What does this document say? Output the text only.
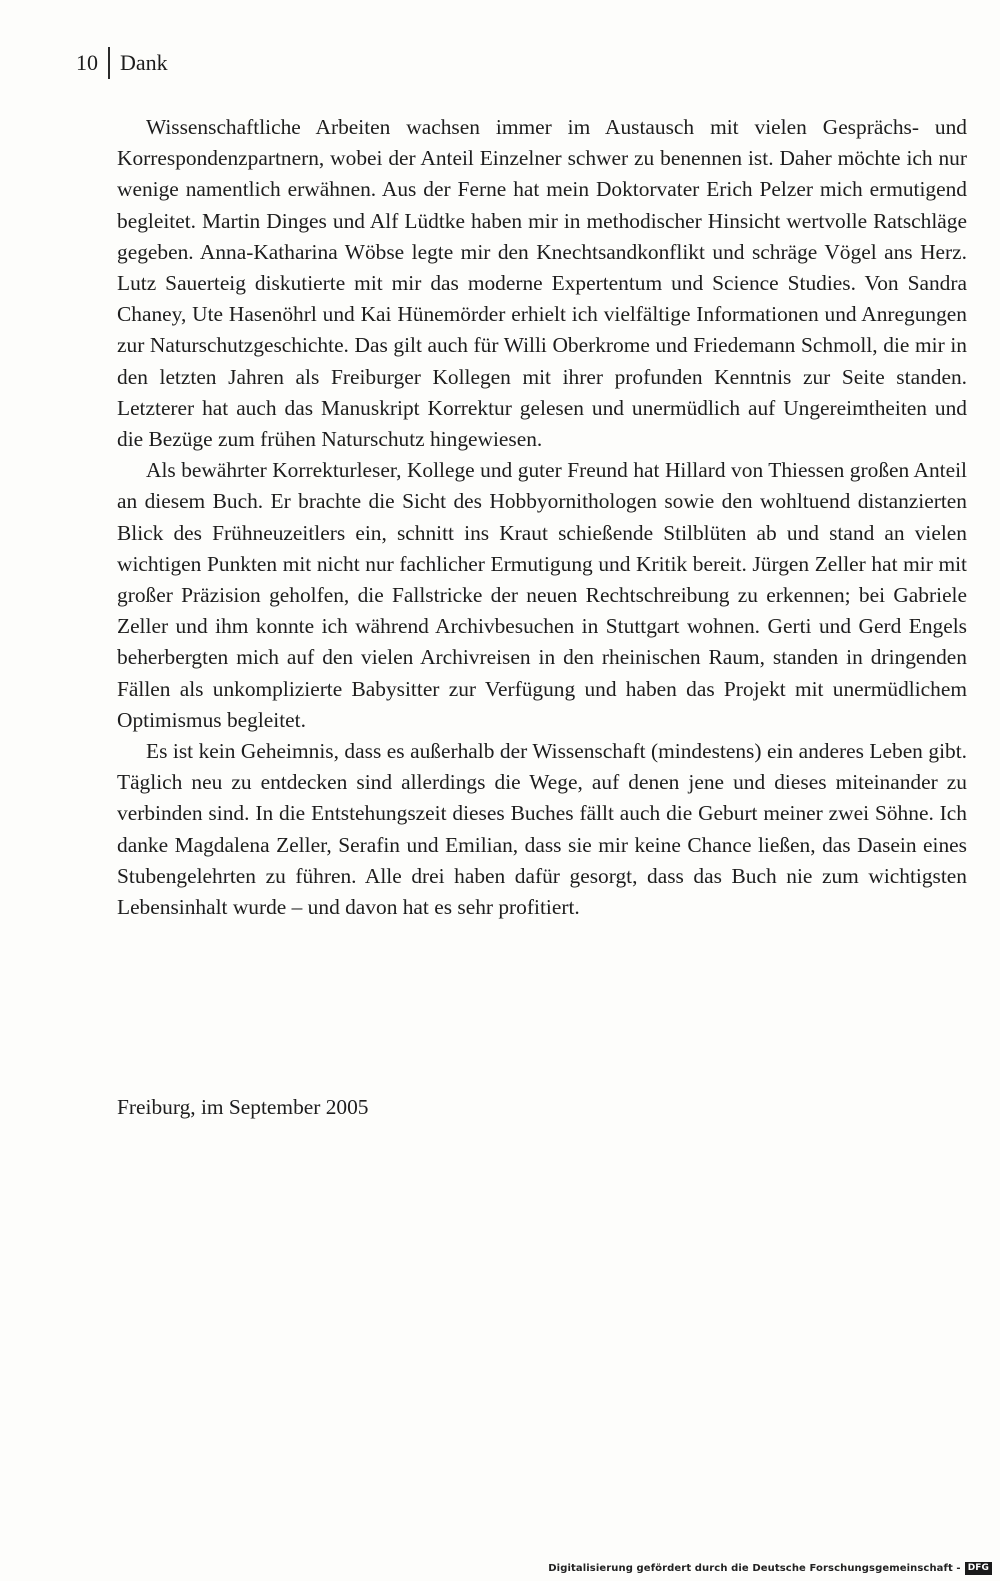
10	Dank

Wissenschaftliche Arbeiten wachsen immer im Austausch mit vielen Gesprächs- und Korrespondenzpartnern, wobei der Anteil Einzelner schwer zu benennen ist. Daher möchte ich nur wenige namentlich erwähnen. Aus der Ferne hat mein Doktorvater Erich Pelzer mich ermutigend begleitet. Martin Dinges und Alf Lüdtke haben mir in methodischer Hinsicht wertvolle Ratschläge gegeben. Anna-Katharina Wöbse legte mir den Knechtsandkonflikt und schräge Vögel ans Herz. Lutz Sauerteig diskutierte mit mir das moderne Expertentum und Science Studies. Von Sandra Chaney, Ute Hasenöhrl und Kai Hünemörder erhielt ich vielfältige Informationen und Anregungen zur Naturschutzgeschichte. Das gilt auch für Willi Oberkrome und Friedemann Schmoll, die mir in den letzten Jahren als Freiburger Kollegen mit ihrer profunden Kenntnis zur Seite standen. Letzterer hat auch das Manuskript Korrektur gelesen und unermüdlich auf Ungereimtheiten und die Bezüge zum frühen Naturschutz hingewiesen.

Als bewährter Korrekturleser, Kollege und guter Freund hat Hillard von Thiessen großen Anteil an diesem Buch. Er brachte die Sicht des Hobbyornithologen sowie den wohltuend distanzierten Blick des Frühneuzeitlers ein, schnitt ins Kraut schießende Stilblüten ab und stand an vielen wichtigen Punkten mit nicht nur fachlicher Ermutigung und Kritik bereit. Jürgen Zeller hat mir mit großer Präzision geholfen, die Fallstricke der neuen Rechtschreibung zu erkennen; bei Gabriele Zeller und ihm konnte ich während Archivbesuchen in Stuttgart wohnen. Gerti und Gerd Engels beherbergten mich auf den vielen Archivreisen in den rheinischen Raum, standen in dringenden Fällen als unkomplizierte Babysitter zur Verfügung und haben das Projekt mit unermüdlichem Optimismus begleitet.

Es ist kein Geheimnis, dass es außerhalb der Wissenschaft (mindestens) ein anderes Leben gibt. Täglich neu zu entdecken sind allerdings die Wege, auf denen jene und dieses miteinander zu verbinden sind. In die Entstehungszeit dieses Buches fällt auch die Geburt meiner zwei Söhne. Ich danke Magdalena Zeller, Serafin und Emilian, dass sie mir keine Chance ließen, das Dasein eines Stubengelehrten zu führen. Alle drei haben dafür gesorgt, dass das Buch nie zum wichtigsten Lebensinhalt wurde – und davon hat es sehr profitiert.

Freiburg, im September 2005
Digitalisierung gefördert durch die Deutsche Forschungsgemeinschaft - DFG
